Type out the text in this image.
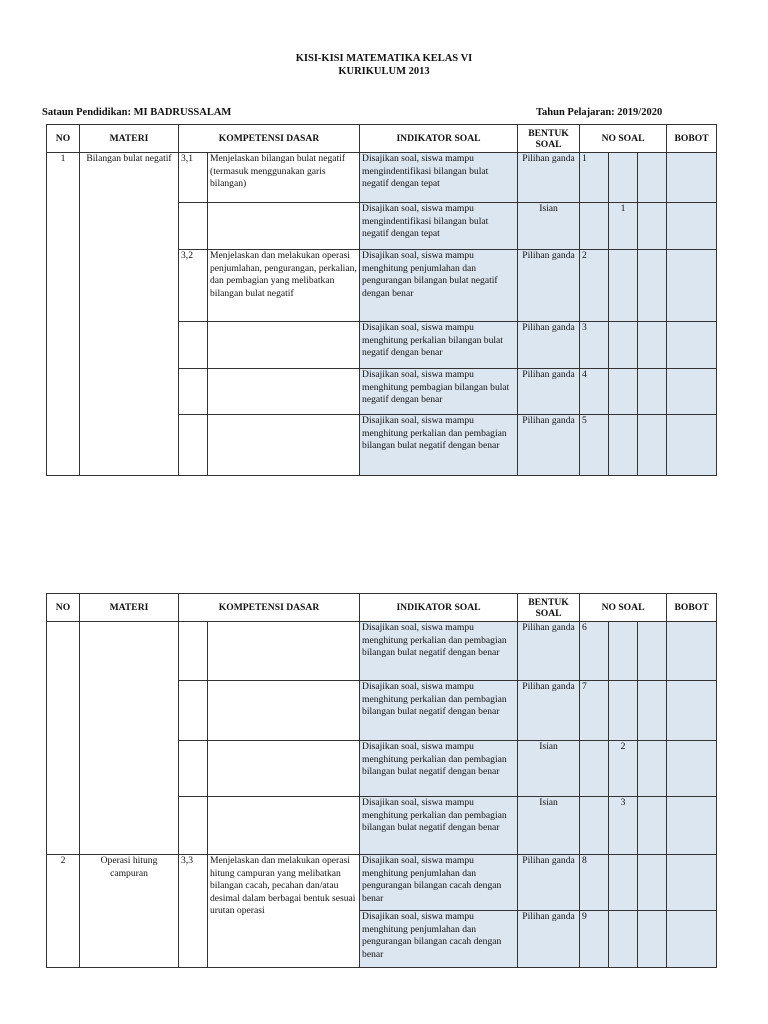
KISI-KISI MATEMATIKA KELAS VI
KURIKULUM 2013
Sataun Pendidikan: MI BADRUSSALAM	Tahun Pelajaran: 2019/2020
NO	MATERI	KOMPETENSI DASAR		INDIKATOR SOAL	BENTUK SOAL	NO SOAL			BOBOT
1	Bilangan bulat negatif	3,1	Menjelaskan bilangan bulat negatif (termasuk menggunakan garis bilangan)	Disajikan soal, siswa mampu mengindentifikasi bilangan bulat negatif dengan tepat	Pilihan ganda	1			
				Disajikan soal, siswa mampu mengindentifikasi bilangan bulat negatif dengan tepat	Isian		1		
		3,2	Menjelaskan dan melakukan operasi penjumlahan, pengurangan, perkalian, dan pembagian yang melibatkan bilangan bulat negatif	Disajikan soal, siswa mampu menghitung penjumlahan dan pengurangan bilangan bulat negatif dengan benar	Pilihan ganda	2			
				Disajikan soal, siswa mampu menghitung perkalian bilangan bulat negatif dengan benar	Pilihan ganda	3			
				Disajikan soal, siswa mampu menghitung pembagian bilangan bulat negatif dengan benar	Pilihan ganda	4			
				Disajikan soal, siswa mampu menghitung perkalian dan pembagian bilangan bulat negatif dengan benar	Pilihan ganda	5			
NO	MATERI	KOMPETENSI DASAR		INDIKATOR SOAL	BENTUK SOAL	NO SOAL			BOBOT
				Disajikan soal, siswa mampu menghitung perkalian dan pembagian bilangan bulat negatif dengan benar	Pilihan ganda	6			
				Disajikan soal, siswa mampu menghitung perkalian dan pembagian bilangan bulat negatif dengan benar	Pilihan ganda	7			
				Disajikan soal, siswa mampu menghitung perkalian dan pembagian bilangan bulat negatif dengan benar	Isian		2		
				Disajikan soal, siswa mampu menghitung perkalian dan pembagian bilangan bulat negatif dengan benar	Isian		3		
2	Operasi hitung campuran	3,3	Menjelaskan dan melakukan operasi hitung campuran yang melibatkan bilangan cacah, pecahan dan/atau desimal dalam berbagai bentuk sesuai urutan operasi	Disajikan soal, siswa mampu menghitung penjumlahan dan pengurangan bilangan cacah dengan benar	Pilihan ganda	8			
				Disajikan soal, siswa mampu menghitung penjumlahan dan pengurangan bilangan cacah dengan benar	Pilihan ganda	9			
